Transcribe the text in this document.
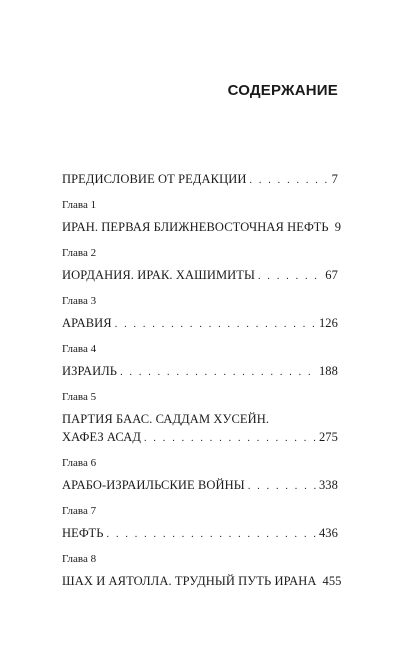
СОДЕРЖАНИЕ
ПРЕДИСЛОВИЕ ОТ РЕДАКЦИИ . . .	7
Глава 1
ИРАН. ПЕРВАЯ БЛИЖНЕВОСТОЧНАЯ НЕФТЬ 9
Глава 2
ИОРДАНИЯ. ИРАК. ХАШИМИТЫ . . .	67
Глава 3
АРАВИЯ . . .	126
Глава 4
ИЗРАИЛЬ . . .	188
Глава 5
ПАРТИЯ БААС. САДДАМ ХУСЕЙН.
ХАФЕЗ АСАД . . .	275
Глава 6
АРАБО-ИЗРАИЛЬСКИЕ ВОЙНЫ . . .	338
Глава 7
НЕФТЬ . . .	436
Глава 8
ШАХ И АЯТОЛЛА. ТРУДНЫЙ ПУТЬ ИРАНА 455
